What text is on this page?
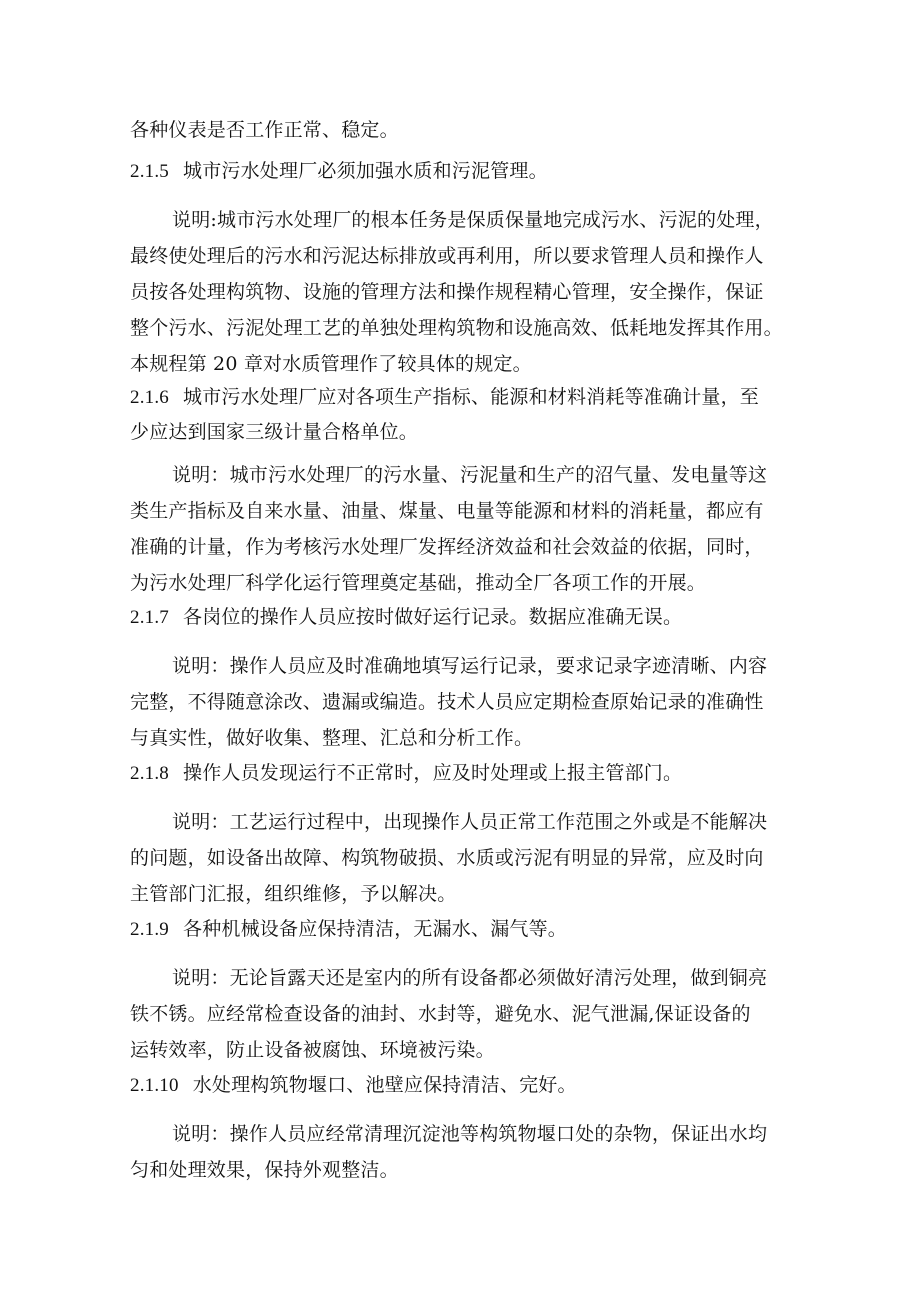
各种仪表是否工作正常、稳定。
2.1.5 城市污水处理厂必须加强水质和污泥管理。
说明:城市污水处理厂的根本任务是保质保量地完成污水、污泥的处理，
最终使处理后的污水和污泥达标排放或再利用，所以要求管理人员和操作人
员按各处理构筑物、设施的管理方法和操作规程精心管理，安全操作，保证
整个污水、污泥处理工艺的单独处理构筑物和设施高效、低耗地发挥其作用。
本规程第 20 章对水质管理作了较具体的规定。
2.1.6 城市污水处理厂应对各项生产指标、能源和材料消耗等准确计量，至
少应达到国家三级计量合格单位。
说明：城市污水处理厂的污水量、污泥量和生产的沼气量、发电量等这
类生产指标及自来水量、油量、煤量、电量等能源和材料的消耗量，都应有
准确的计量，作为考核污水处理厂发挥经济效益和社会效益的依据，同时，
为污水处理厂科学化运行管理奠定基础，推动全厂各项工作的开展。
2.1.7 各岗位的操作人员应按时做好运行记录。数据应准确无误。
说明：操作人员应及时准确地填写运行记录，要求记录字迹清晰、内容
完整，不得随意涂改、遗漏或编造。技术人员应定期检查原始记录的准确性
与真实性，做好收集、整理、汇总和分析工作。
2.1.8 操作人员发现运行不正常时，应及时处理或上报主管部门。
说明：工艺运行过程中，出现操作人员正常工作范围之外或是不能解决
的问题，如设备出故障、构筑物破损、水质或污泥有明显的异常，应及时向
主管部门汇报，组织维修，予以解决。
2.1.9 各种机械设备应保持清洁，无漏水、漏气等。
说明：无论旨露天还是室内的所有设备都必须做好清污处理，做到铜亮
铁不锈。应经常检查设备的油封、水封等，避免水、泥气泄漏,保证设备的
运转效率，防止设备被腐蚀、环境被污染。
2.1.10 水处理构筑物堰口、池壁应保持清洁、完好。
说明：操作人员应经常清理沉淀池等构筑物堰口处的杂物，保证出水均
匀和处理效果，保持外观整洁。
